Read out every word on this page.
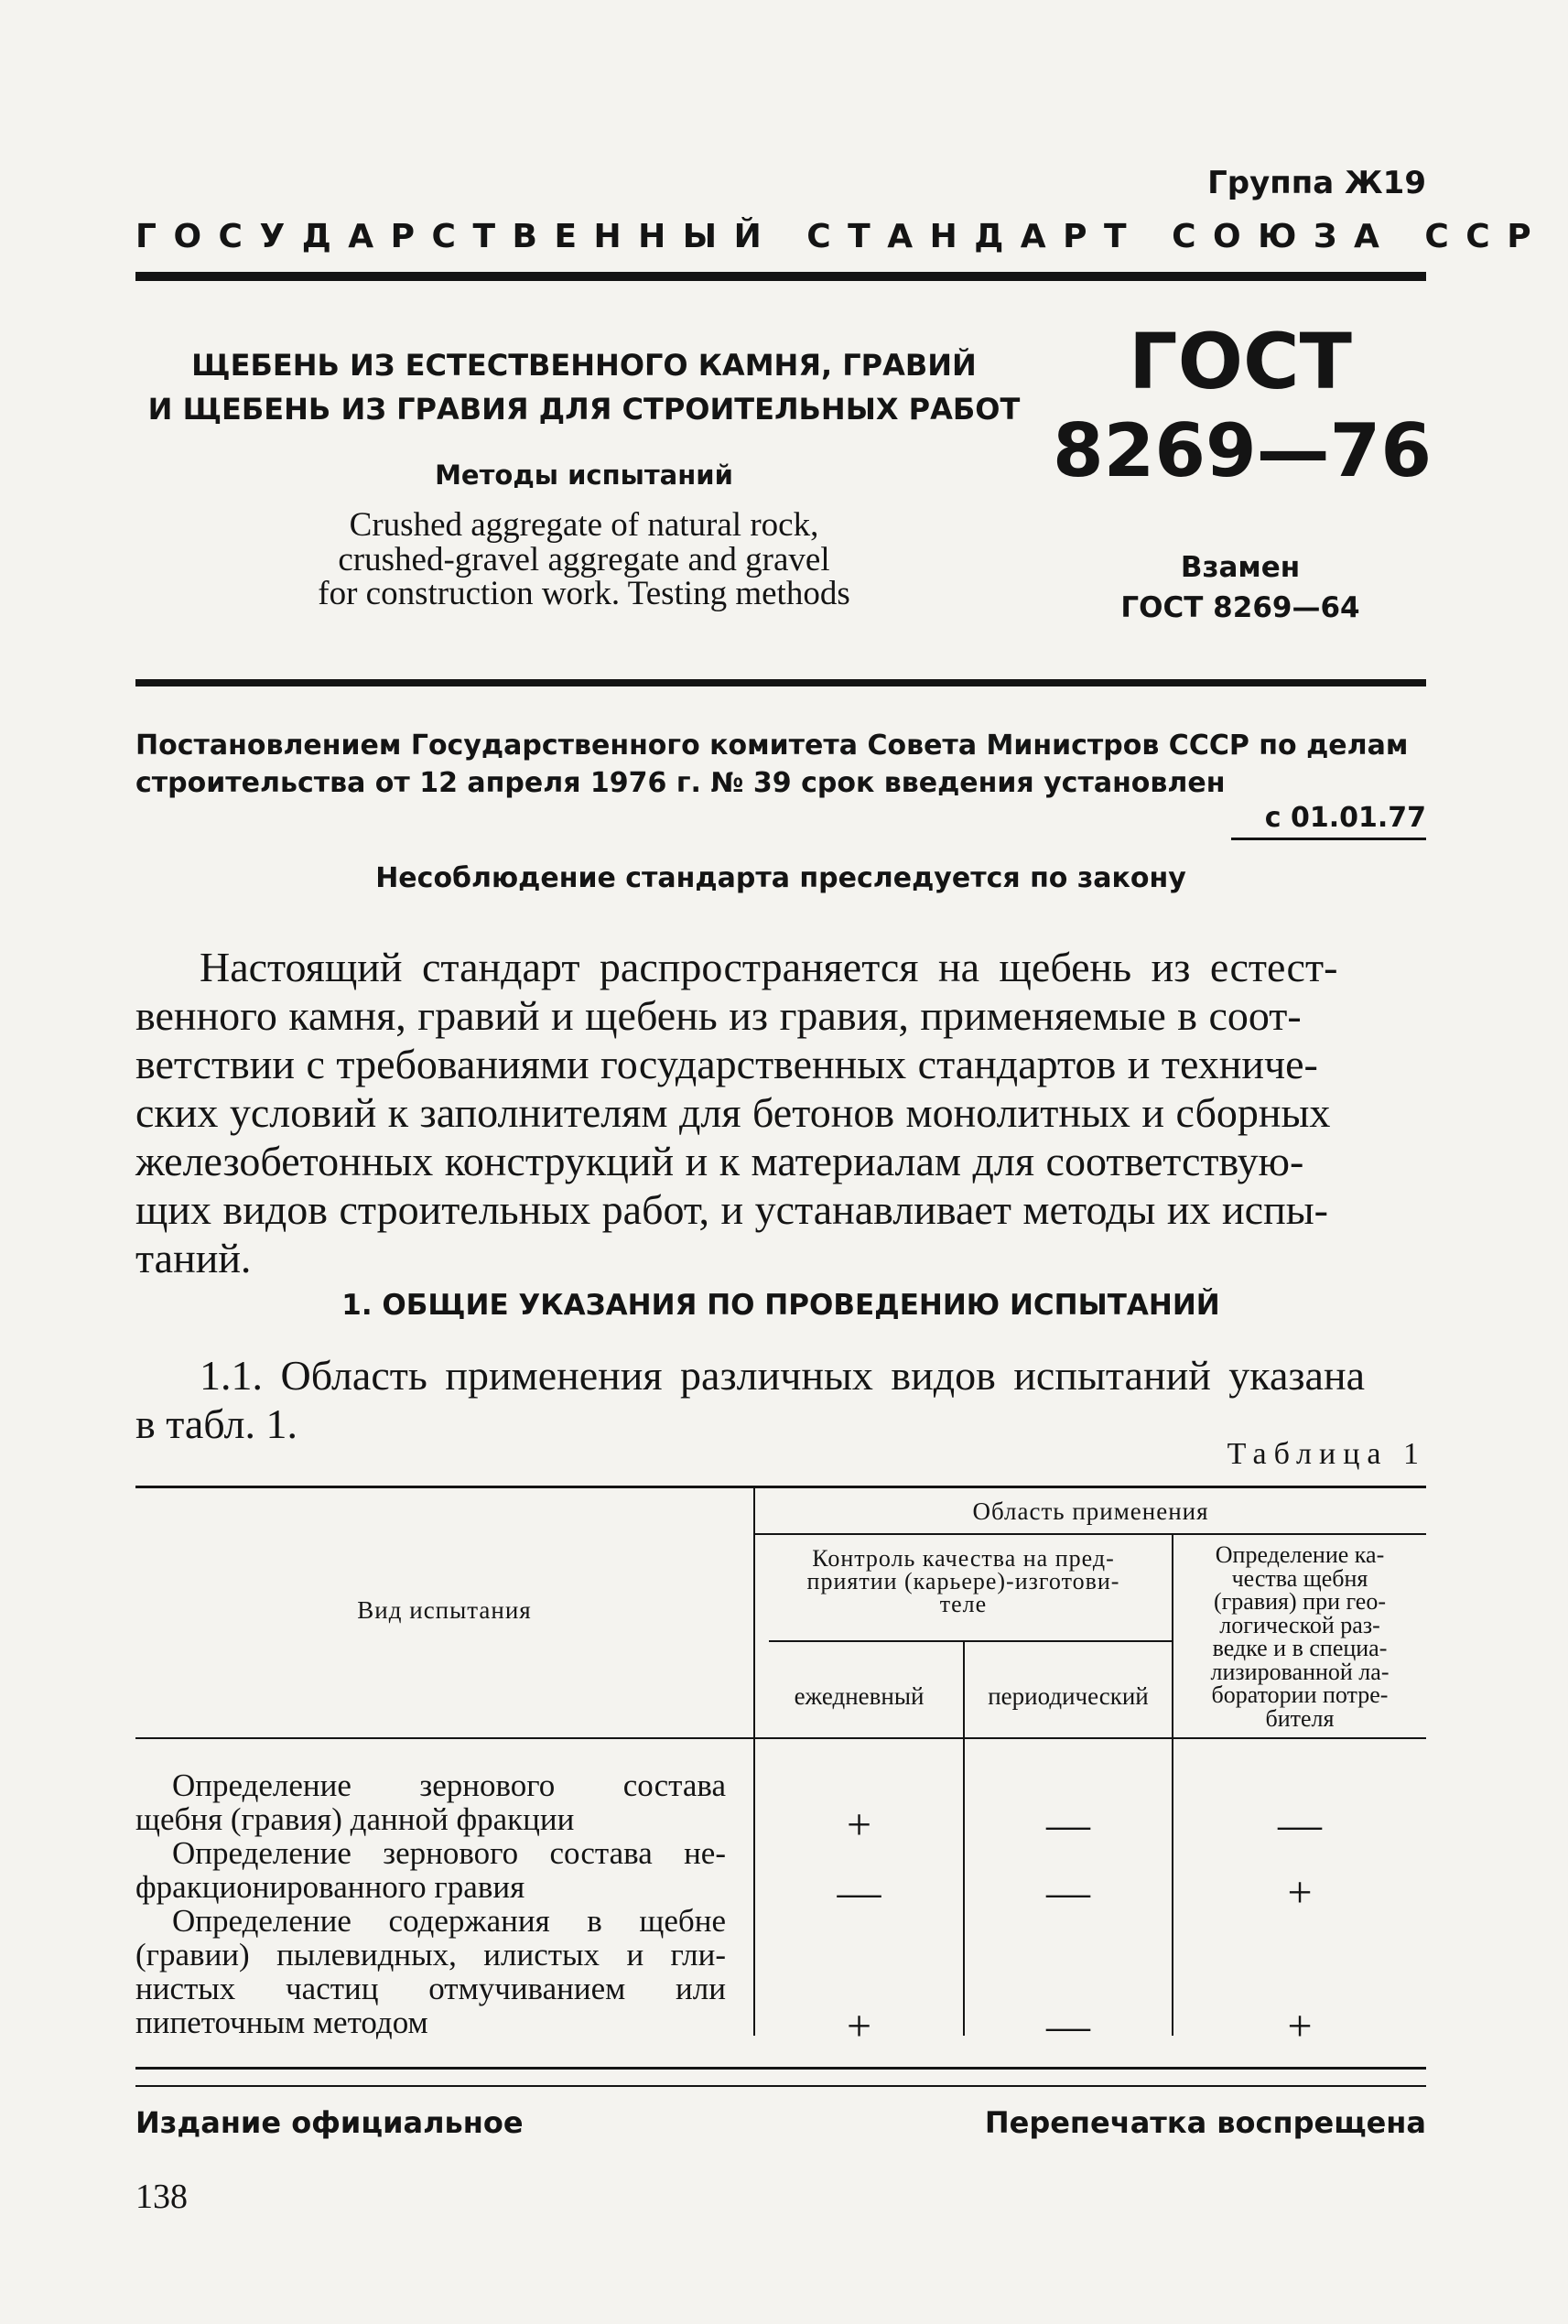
Группа Ж19
ГОСУДАРСТВЕННЫЙ СТАНДАРТ СОЮЗА ССР
ЩЕБЕНЬ ИЗ ЕСТЕСТВЕННОГО КАМНЯ, ГРАВИЙ
И ЩЕБЕНЬ ИЗ ГРАВИЯ ДЛЯ СТРОИТЕЛЬНЫХ РАБОТ
Методы испытаний
Crushed aggregate of natural rock,
crushed-gravel aggregate and gravel
for construction work. Testing methods
ГОСТ
8269—76
Взамен
ГОСТ 8269—64
Постановлением Государственного комитета Совета Министров СССР по делам
строительства от 12 апреля 1976 г. № 39 срок введения установлен
с 01.01.77
Несоблюдение стандарта преследуется по закону
Настоящий стандарт распространяется на щебень из естест-
венного камня, гравий и щебень из гравия, применяемые в соот-
ветствии с требованиями государственных стандартов и техниче-
ских условий к заполнителям для бетонов монолитных и сборных
железобетонных конструкций и к материалам для соответствую-
щих видов строительных работ, и устанавливает методы их испы-
таний.
1. ОБЩИЕ УКАЗАНИЯ ПО ПРОВЕДЕНИЮ ИСПЫТАНИЙ
1.1. Область применения различных видов испытаний указана
в табл. 1.
Таблица 1
Вид испытания
Область применения
Контроль качества на пред-
приятии (карьере)-изготови-
теле
ежедневный	периодический
Определение ка-
чества щебня
(гравия) при гео-
логической раз-
ведке и в специа-
лизированной ла-
боратории потре-
бителя
Определение зернового состава
щебня (гравия) данной фракции	+	—	—
Определение зернового состава не-
фракционированного гравия	—	—	+
Определение содержания в щебне
(гравии) пылевидных, илистых и гли-
нистых частиц отмучиванием или
пипеточным методом	+	—	+
Издание официальное	Перепечатка воспрещена
138
